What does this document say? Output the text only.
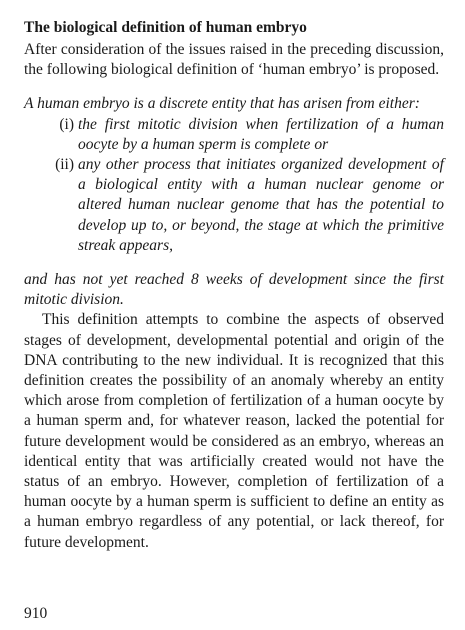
The biological definition of human embryo

After consideration of the issues raised in the preceding discussion, the following biological definition of ‘human embryo’ is proposed.

A human embryo is a discrete entity that has arisen from either:

(i) the first mitotic division when fertilization of a human oocyte by a human sperm is complete or
(ii) any other process that initiates organized development of a biological entity with a human nuclear genome or altered human nuclear genome that has the potential to develop up to, or beyond, the stage at which the primitive streak appears,

and has not yet reached 8 weeks of development since the first mitotic division.

This definition attempts to combine the aspects of observed stages of development, developmental potential and origin of the DNA contributing to the new individual. It is recognized that this definition creates the possibility of an anomaly whereby an entity which arose from completion of fertilization of a human oocyte by a human sperm and, for whatever reason, lacked the potential for future development would be considered as an embryo, whereas an identical entity that was artificially created would not have the status of an embryo. However, completion of fertilization of a human oocyte by a human sperm is sufficient to define an entity as a human embryo regardless of any potential, or lack thereof, for future development.

910
